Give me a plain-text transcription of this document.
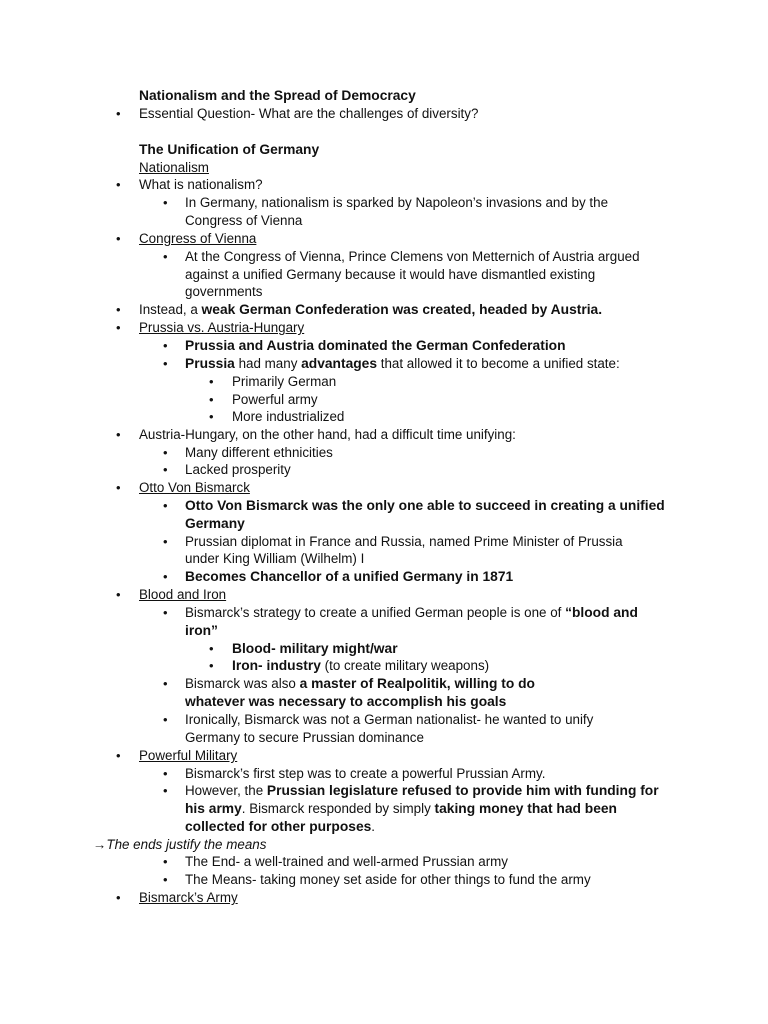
Nationalism and the Spread of Democracy
• Essential Question- What are the challenges of diversity?
The Unification of Germany
Nationalism
• What is nationalism?
• In Germany, nationalism is sparked by Napoleon’s invasions and by the
Congress of Vienna
• Congress of Vienna
• At the Congress of Vienna, Prince Clemens von Metternich of Austria argued
against a unified Germany because it would have dismantled existing
governments
• Instead, a weak German Confederation was created, headed by Austria.
• Prussia vs. Austria-Hungary
• Prussia and Austria dominated the German Confederation
• Prussia had many advantages that allowed it to become a unified state:
• Primarily German
• Powerful army
• More industrialized
• Austria-Hungary, on the other hand, had a difficult time unifying:
• Many different ethnicities
• Lacked prosperity
• Otto Von Bismarck
• Otto Von Bismarck was the only one able to succeed in creating a unified
Germany
• Prussian diplomat in France and Russia, named Prime Minister of Prussia
under King William (Wilhelm) I
• Becomes Chancellor of a unified Germany in 1871
• Blood and Iron
• Bismarck’s strategy to create a unified German people is one of “blood and
iron”
• Blood- military might/war
• Iron- industry (to create military weapons)
• Bismarck was also a master of Realpolitik, willing to do
whatever was necessary to accomplish his goals
• Ironically, Bismarck was not a German nationalist- he wanted to unify
Germany to secure Prussian dominance
• Powerful Military
• Bismarck’s first step was to create a powerful Prussian Army.
• However, the Prussian legislature refused to provide him with funding for
his army. Bismarck responded by simply taking money that had been
collected for other purposes.
→The ends justify the means
• The End- a well-trained and well-armed Prussian army
• The Means- taking money set aside for other things to fund the army
• Bismarck’s Army
